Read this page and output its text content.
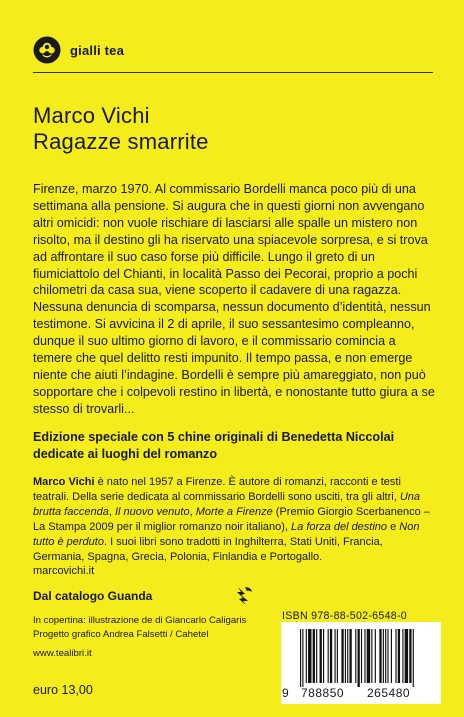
gialli tea
Marco Vichi
Ragazze smarrite
Firenze, marzo 1970. Al commissario Bordelli manca poco più di una settimana alla pensione. Si augura che in questi giorni non avvengano altri omicidi: non vuole rischiare di lasciarsi alle spalle un mistero non risolto, ma il destino gli ha riservato una spiacevole sorpresa, e si trova ad affrontare il suo caso forse più difficile. Lungo il greto di un fiumiciattolo del Chianti, in località Passo dei Pecorai, proprio a pochi chilometri da casa sua, viene scoperto il cadavere di una ragazza. Nessuna denuncia di scomparsa, nessun documento d’identità, nessun testimone. Si avvicina il 2 di aprile, il suo sessantesimo compleanno, dunque il suo ultimo giorno di lavoro, e il commissario comincia a temere che quel delitto resti impunito. Il tempo passa, e non emerge niente che aiuti l’indagine. Bordelli è sempre più amareggiato, non può sopportare che i colpevoli restino in libertà, e nonostante tutto giura a se stesso di trovarli...
Edizione speciale con 5 chine originali di Benedetta Niccolai dedicate ai luoghi del romanzo
Marco Vichi è nato nel 1957 a Firenze. È autore di romanzi, racconti e testi teatrali. Della serie dedicata al commissario Bordelli sono usciti, tra gli altri, Una brutta faccenda, Il nuovo venuto, Morte a Firenze (Premio Giorgio Scerbanenco – La Stampa 2009 per il miglior romanzo noir italiano), La forza del destino e Non tutto è perduto. I suoi libri sono tradotti in Inghilterra, Stati Uniti, Francia, Germania, Spagna, Grecia, Polonia, Finlandia e Portogallo.
marcovichi.it
Dal catalogo Guanda
In copertina: illustrazione de di Giancarlo Caligaris
Progetto grafico Andrea Falsetti / Cahetel
www.tealibri.it
euro 13,00
ISBN 978-88-502-6548-0
9 788850 265480
